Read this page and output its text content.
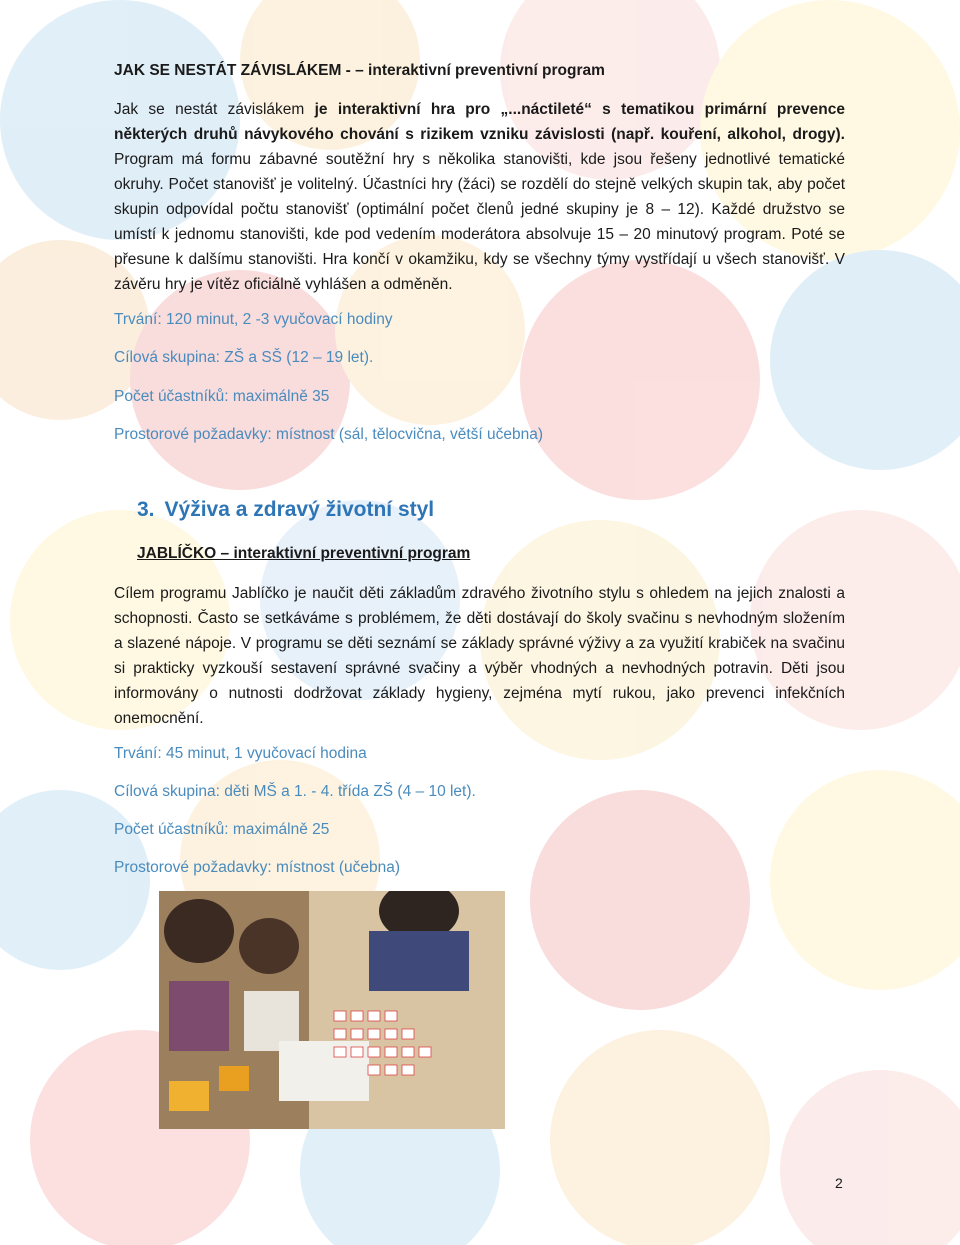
JAK SE NESTÁT ZÁVISLÁKEM - – interaktivní preventivní program
Jak se nestát závislákem je interaktivní hra pro „...náctileté“ s tematikou primární prevence některých druhů návykového chování s rizikem vzniku závislosti (např. kouření, alkohol, drogy). Program má formu zábavné soutěžní hry s několika stanovišti, kde jsou řešeny jednotlivé tematické okruhy. Počet stanovišť je volitelný. Účastníci hry (žáci) se rozdělí do stejně velkých skupin tak, aby počet skupin odpovídal počtu stanovišť (optimální počet členů jedné skupiny je 8 – 12). Každé družstvo se umístí k jednomu stanovišti, kde pod vedením moderátora absolvuje 15 – 20 minutový program. Poté se přesune k dalšímu stanovišti. Hra končí v okamžiku, kdy se všechny týmy vystřídají u všech stanovišť. V závěru hry je vítěz oficiálně vyhlášen a odměněn.
Trvání: 120 minut, 2 -3 vyučovací hodiny
Cílová skupina: ZŠ a SŠ (12 – 19 let).
Počet účastníků: maximálně 35
Prostorové požadavky: místnost (sál, tělocvična, větší učebna)
3. Výživa a zdravý životní styl
JABLÍČKO – interaktivní preventivní program
Cílem programu Jablíčko je naučit děti základům zdravého životního stylu s ohledem na jejich znalosti a schopnosti. Často se setkáváme s problémem, že děti dostávají do školy svačinu s nevhodným složením a slazené nápoje. V programu se děti seznámí se základy správné výživy a za využití krabiček na svačinu si prakticky vyzkouší sestavení správné svačiny a výběr vhodných a nevhodných potravin. Děti jsou informovány o nutnosti dodržovat základy hygieny, zejména mytí rukou, jako prevenci infekčních onemocnění.
Trvání: 45 minut, 1 vyučovací hodina
Cílová skupina: děti MŠ a 1. - 4. třída ZŠ (4 – 10 let).
Počet účastníků: maximálně 25
Prostorové požadavky: místnost (učebna)
2
